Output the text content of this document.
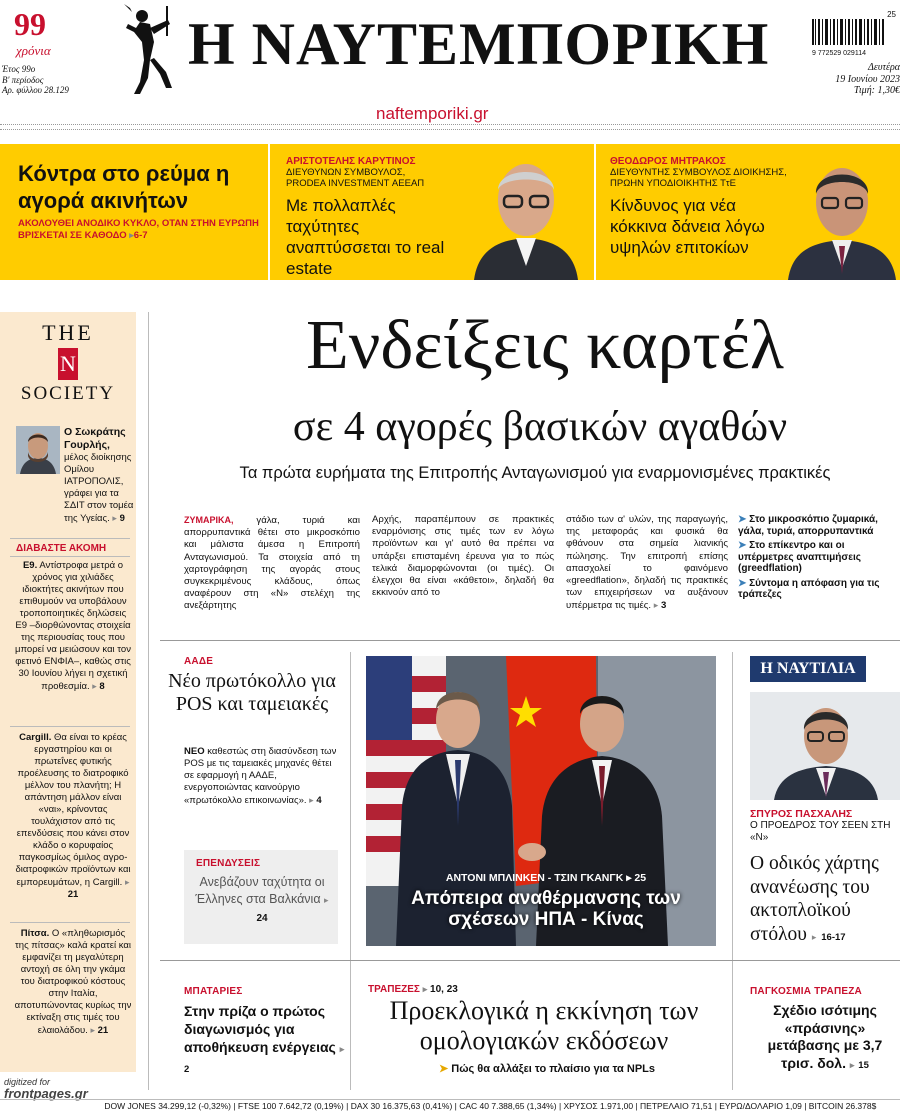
99
χρόνια
Έτος 99ο
Β' περίοδος
Αρ. φύλλου 28.129
Η ΝΑΥΤΕΜΠΟΡΙΚΗ
naftemporiki.gr
25
9 772529 029114
Δευτέρα
19 Ιουνίου 2023
Τιμή: 1,30€
Κόντρα στο ρεύμα η αγορά ακινήτων
ΑΚΟΛΟΥΘΕΙ ΑΝΟΔΙΚΟ ΚΥΚΛΟ, ΟΤΑΝ ΣΤΗΝ ΕΥΡΩΠΗ ΒΡΙΣΚΕΤΑΙ ΣΕ ΚΑΘΟΔΟ ▸6-7
ΑΡΙΣΤΟΤΕΛΗΣ ΚΑΡΥΤΙΝΟΣ
ΔΙΕΥΘΥΝΩΝ ΣΥΜΒΟΥΛΟΣ,
PRODEA INVESTMENT ΑΕΕΑΠ
Με πολλαπλές ταχύτητες αναπτύσσεται το real estate
ΘΕΟΔΩΡΟΣ ΜΗΤΡΑΚΟΣ
ΔΙΕΥΘΥΝΤΗΣ ΣΥΜΒΟΥΛΟΣ ΔΙΟΙΚΗΣΗΣ,
ΠΡΩΗΝ ΥΠΟΔΙΟΙΚΗΤΗΣ ΤτΕ
Κίνδυνος για νέα κόκκινα δάνεια λόγω υψηλών επιτοκίων
THE
N
SOCIETY
Ο Σωκράτης Γουρλής,
μέλος διοίκησης Ομίλου ΙΑΤΡΟΠΟΛΙΣ, γράφει για τα ΣΔΙΤ στον τομέα της Υγείας. ▸ 9
ΔΙΑΒΑΣΤΕ ΑΚΟΜΗ
Ε9. Αντίστροφα μετρά ο χρόνος για χιλιάδες ιδιοκτήτες ακινήτων που επιθυμούν να υποβάλουν τροποποιητικές δηλώσεις Ε9 –διορθώνοντας στοιχεία της περιουσίας τους που μπορεί να μειώσουν και τον φετινό ΕΝΦΙΑ–, καθώς στις 30 Ιουνίου λήγει η σχετική προθεσμία. ▸ 8
Cargill. Θα είναι το κρέας εργαστηρίου και οι πρωτεΐνες φυτικής προέλευσης το διατροφικό μέλλον του πλανήτη; Η απάντηση μάλλον είναι «ναι», κρίνοντας τουλάχιστον από τις επενδύσεις που κάνει στον κλάδο ο κορυφαίος παγκοσμίως όμιλος αγρο-διατροφικών προϊόντων και εμπορευμάτων, η Cargill. ▸ 21
Πίτσα. Ο «πληθωρισμός της πίτσας» καλά κρατεί και εμφανίζει τη μεγαλύτερη αντοχή σε όλη την γκάμα του διατροφικού κόστους στην Ιταλία, αποτυπώνοντας κυρίως την εκτίναξη στις τιμές του ελαιολάδου. ▸ 21
Ενδείξεις καρτέλ
σε 4 αγορές βασικών αγαθών
Τα πρώτα ευρήματα της Επιτροπής Ανταγωνισμού για εναρμονισμένες πρακτικές
ΖΥΜΑΡΙΚΑ, γάλα, τυριά και απορρυπαντικά θέτει στο μικροσκόπιο και μάλιστα άμεσα η Επιτροπή Ανταγωνισμού. Τα στοιχεία από τη χαρτογράφηση της αγοράς στους συγκεκριμένους κλάδους, όπως αναφέρουν στη «Ν» στελέχη της ανεξάρτητης
Αρχής, παραπέμπουν σε πρακτικές εναρμόνισης στις τιμές των εν λόγω προϊόντων και γι' αυτό θα πρέπει να υπάρξει επισταμένη έρευνα για το πώς τελικά διαμορφώνονται (οι τιμές). Οι έλεγχοι θα είναι «κάθετοι», δηλαδή θα εκκινούν από το
στάδιο των α' υλών, της παραγωγής, της μεταφοράς και φυσικά θα φθάνουν στα σημεία λιανικής πώλησης. Την επιτροπή επίσης απασχολεί το φαινόμενο «greedflation», δηλαδή τις πρακτικές των επιχειρήσεων να αυξάνουν υπέρμετρα τις τιμές. ▸ 3
➤ Στο μικροσκόπιο ζυμαρικά, γάλα, τυριά, απορρυπαντικά
➤ Στο επίκεντρο και οι υπέρμετρες αναπτιμήσεις (greedflation)
➤ Σύντομα η απόφαση για τις τράπεζες
ΑΑΔΕ
Νέο πρωτόκολλο για POS και ταμειακές
ΝΕΟ καθεστώς στη διασύνδεση των POS με τις ταμειακές μηχανές θέτει σε εφαρμογή η ΑΑΔΕ, ενεργοποιώντας καινούργιο «πρωτόκολλο επικοινωνίας». ▸ 4
ΕΠΕΝΔΥΣΕΙΣ
Ανεβάζουν ταχύτητα οι Έλληνες στα Βαλκάνια ▸ 24
ΑΝΤΟΝΙ ΜΠΛΙΝΚΕΝ - ΤΣΙΝ ΓΚΑΝΓΚ ▸ 25
Απόπειρα αναθέρμανσης των σχέσεων ΗΠΑ - Κίνας
Η ΝΑΥΤΙΛΙΑ
ΣΠΥΡΟΣ ΠΑΣΧΑΛΗΣ
Ο ΠΡΟΕΔΡΟΣ ΤΟΥ ΣΕΕΝ ΣΤΗ «Ν»
Ο οδικός χάρτης ανανέωσης του ακτοπλοϊκού στόλου ▸ 16-17
ΜΠΑΤΑΡΙΕΣ
Στην πρίζα ο πρώτος διαγωνισμός για αποθήκευση ενέργειας ▸ 2
ΤΡΑΠΕΖΕΣ ▸ 10, 23
Προεκλογικά η εκκίνηση των ομολογιακών εκδόσεων
➤ Πώς θα αλλάξει το πλαίσιο για τα NPLs
ΠΑΓΚΟΣΜΙΑ ΤΡΑΠΕΖΑ
Σχέδιο ισότιμης «πράσινης» μετάβασης με 3,7 τρισ. δολ. ▸ 15
digitized for
frontpages.gr
DOW JONES 34.299,12 (-0,32%) | FTSE 100 7.642,72 (0,19%) | DAX 30 16.375,63 (0,41%) | CAC 40 7.388,65 (1,34%) | ΧΡΥΣΟΣ 1.971,00 | ΠΕΤΡΕΛΑΙΟ 71,51 | ΕΥΡΩ/ΔΟΛΑΡΙΟ 1,09 | BITCOIN 26.378$
